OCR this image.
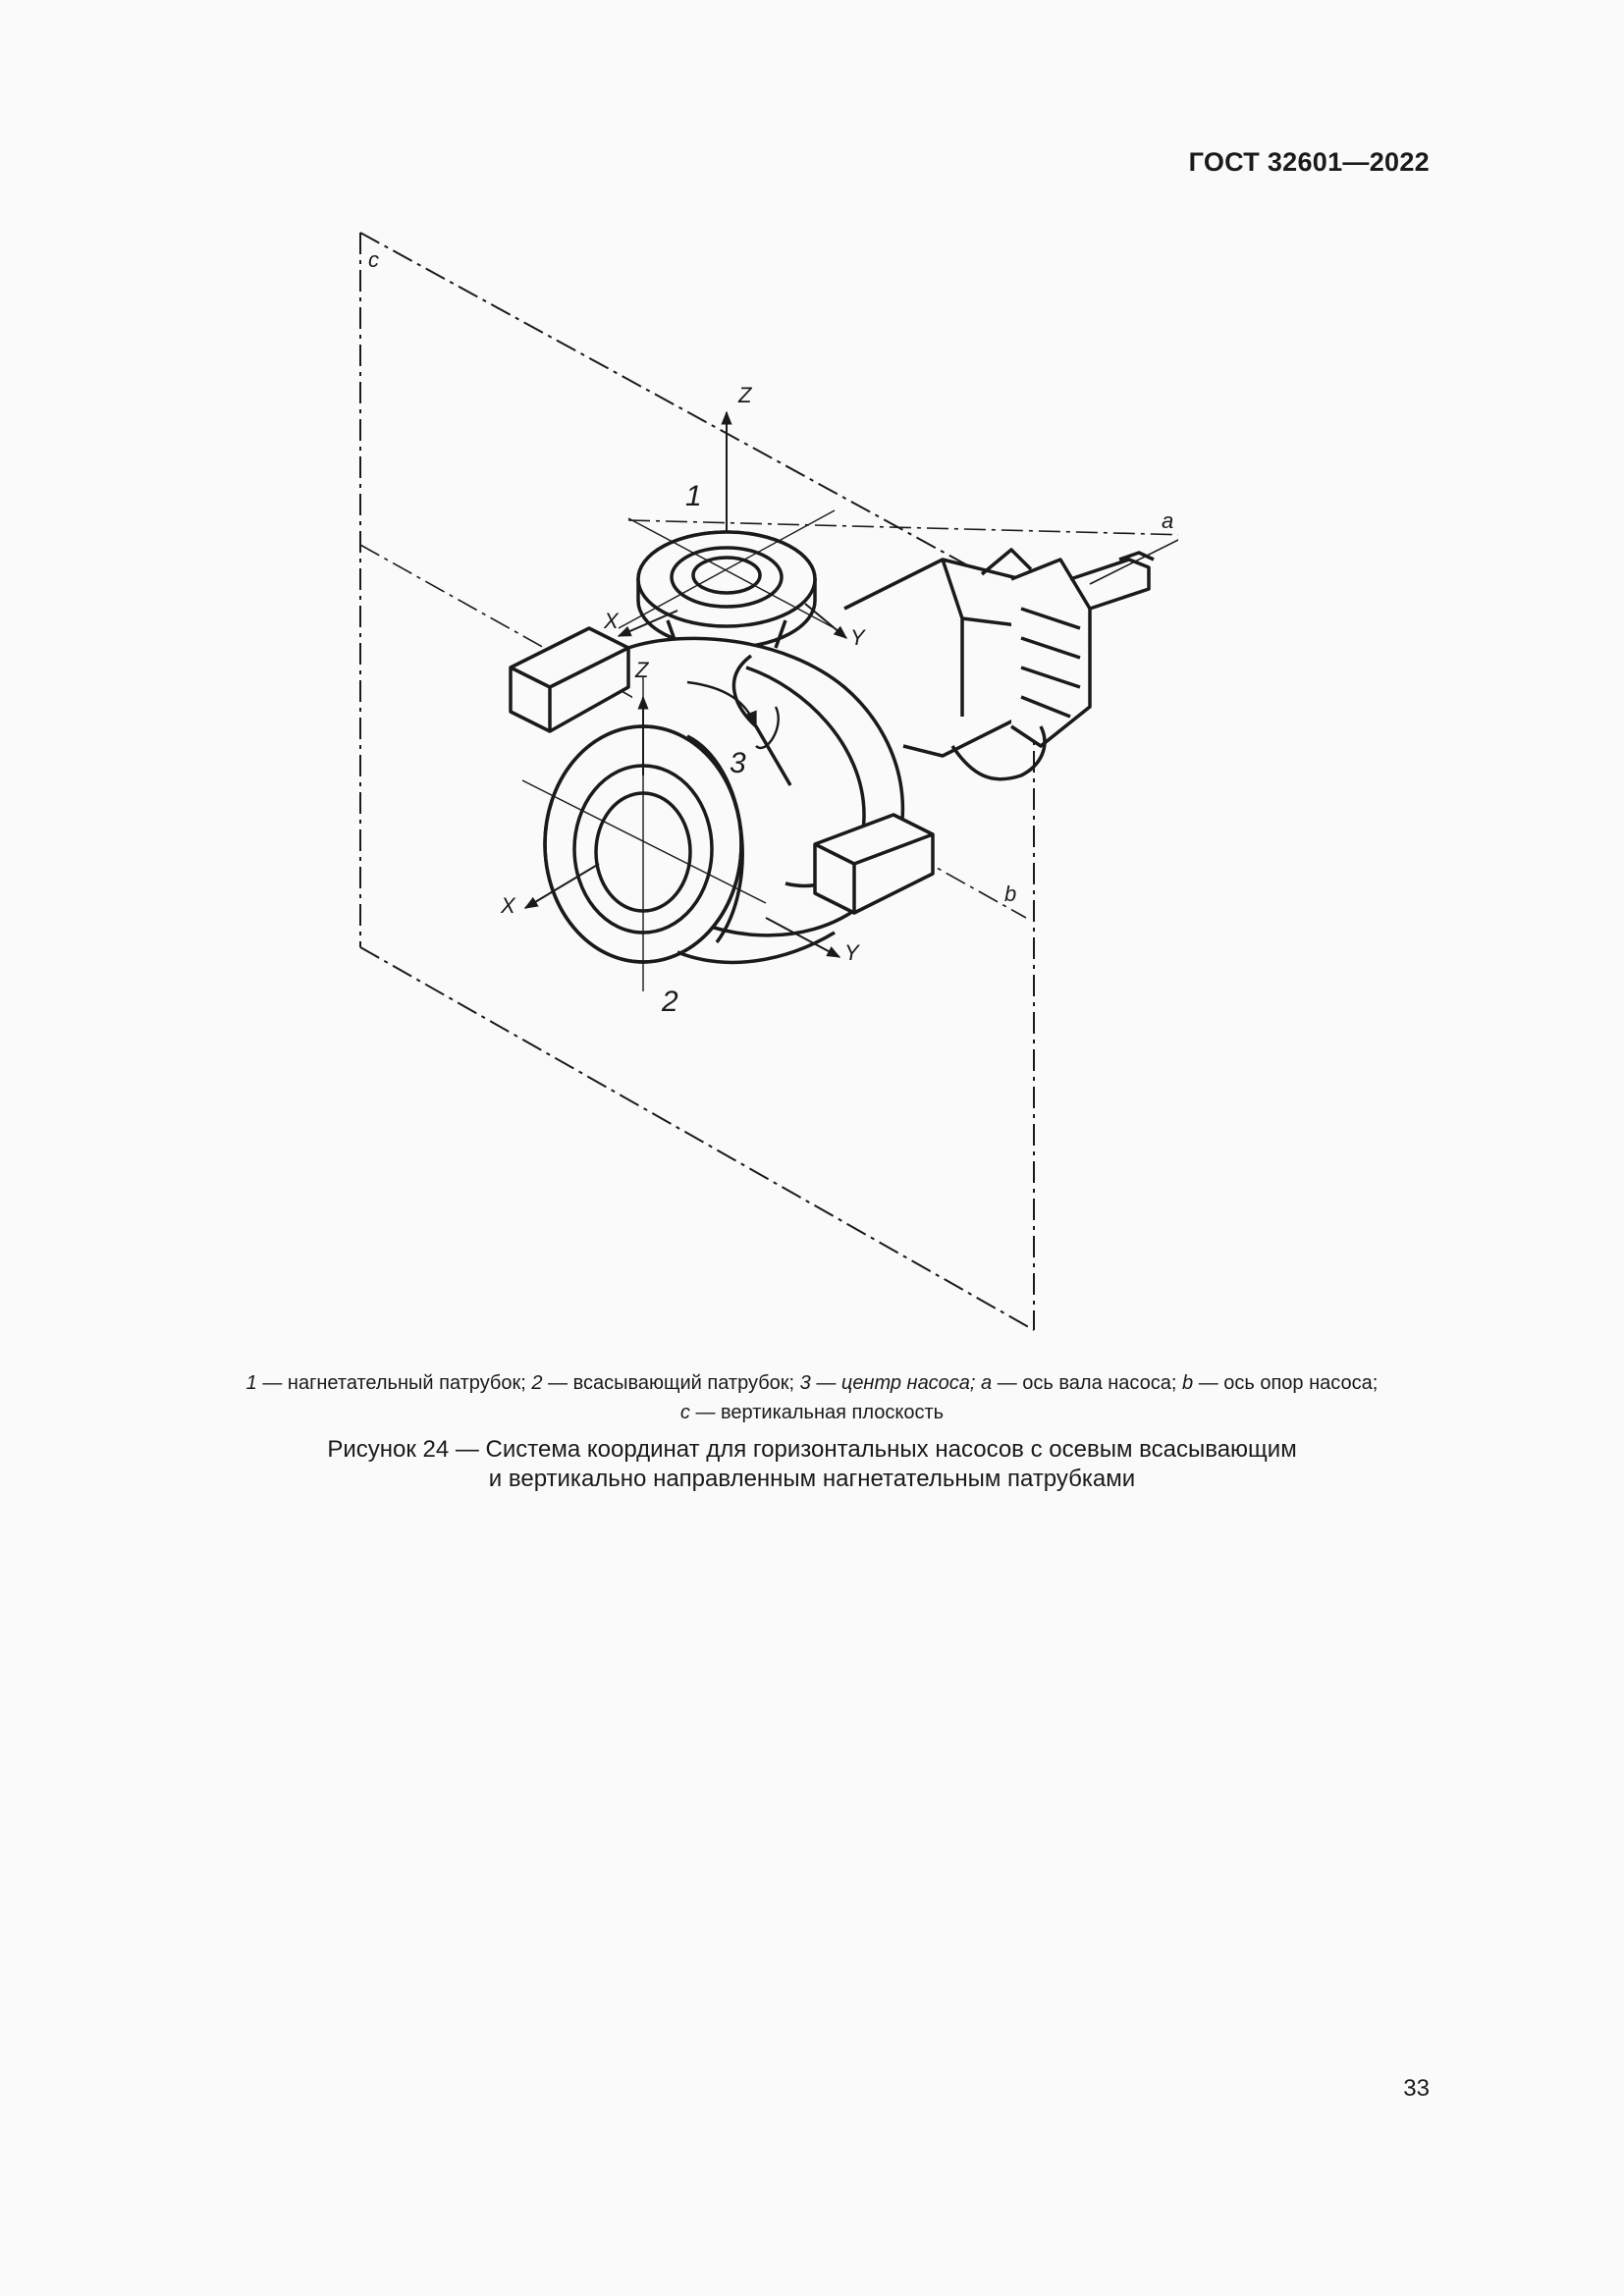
ГОСТ 32601—2022
Z
1
a
c
X
Y
Z
3
b
X
Y
2
1 — нагнетательный патрубок; 2 — всасывающий патрубок; 3 — центр насоса; a — ось вала насоса; b — ось опор насоса;
c — вертикальная плоскость
Рисунок 24 — Система координат для горизонтальных насосов с осевым всасывающим
и вертикально направленным нагнетательным патрубками
33
